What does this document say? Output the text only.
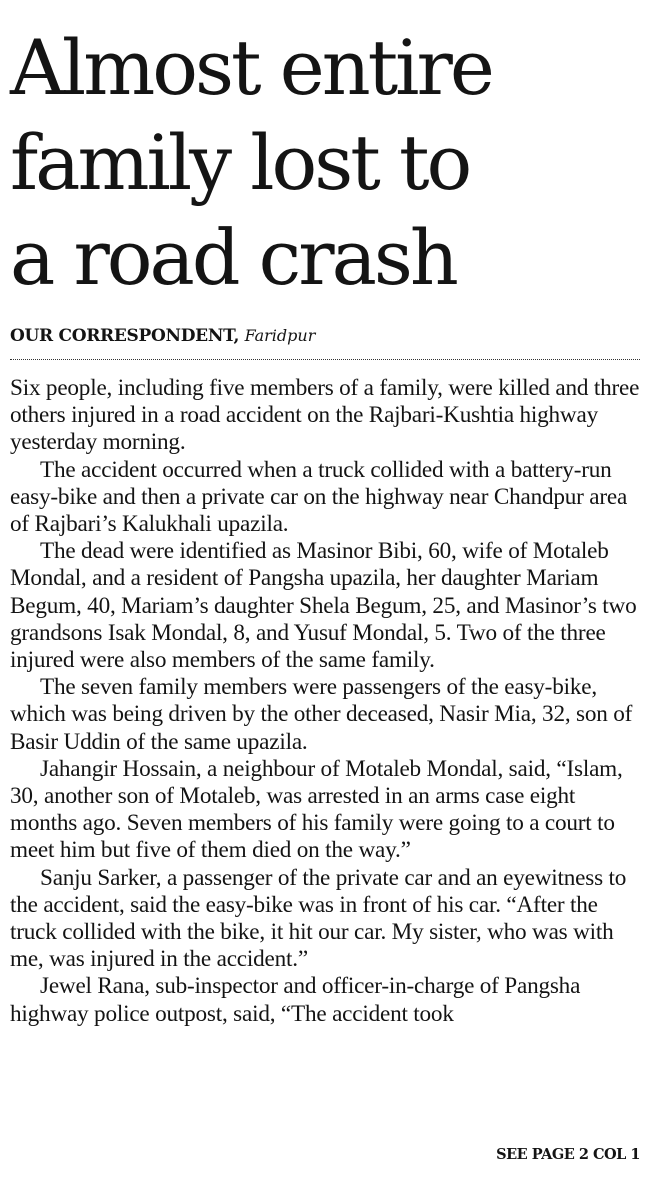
Almost entire
family lost to
a road crash
OUR CORRESPONDENT, Faridpur

Six people, including five members of a family, were killed and three others injured in a road accident on the Rajbari-Kushtia highway yesterday morning.

The accident occurred when a truck collided with a battery-run easy-bike and then a private car on the highway near Chandpur area of Rajbari’s Kalukhali upazila.

The dead were identified as Masinor Bibi, 60, wife of Motaleb Mondal, and a resident of Pangsha upazila, her daughter Mariam Begum, 40, Mariam’s daughter Shela Begum, 25, and Masinor’s two grandsons Isak Mondal, 8, and Yusuf Mondal, 5. Two of the three injured were also members of the same family.

The seven family members were passengers of the easy-bike, which was being driven by the other deceased, Nasir Mia, 32, son of Basir Uddin of the same upazila.

Jahangir Hossain, a neighbour of Motaleb Mondal, said, “Islam, 30, another son of Motaleb, was arrested in an arms case eight months ago. Seven members of his family were going to a court to meet him but five of them died on the way.”

Sanju Sarker, a passenger of the private car and an eyewitness to the accident, said the easy-bike was in front of his car. “After the truck collided with the bike, it hit our car. My sister, who was with me, was injured in the accident.”

Jewel Rana, sub-inspector and officer-in-charge of Pangsha highway police outpost, said, “The accident took

SEE PAGE 2 COL 1
